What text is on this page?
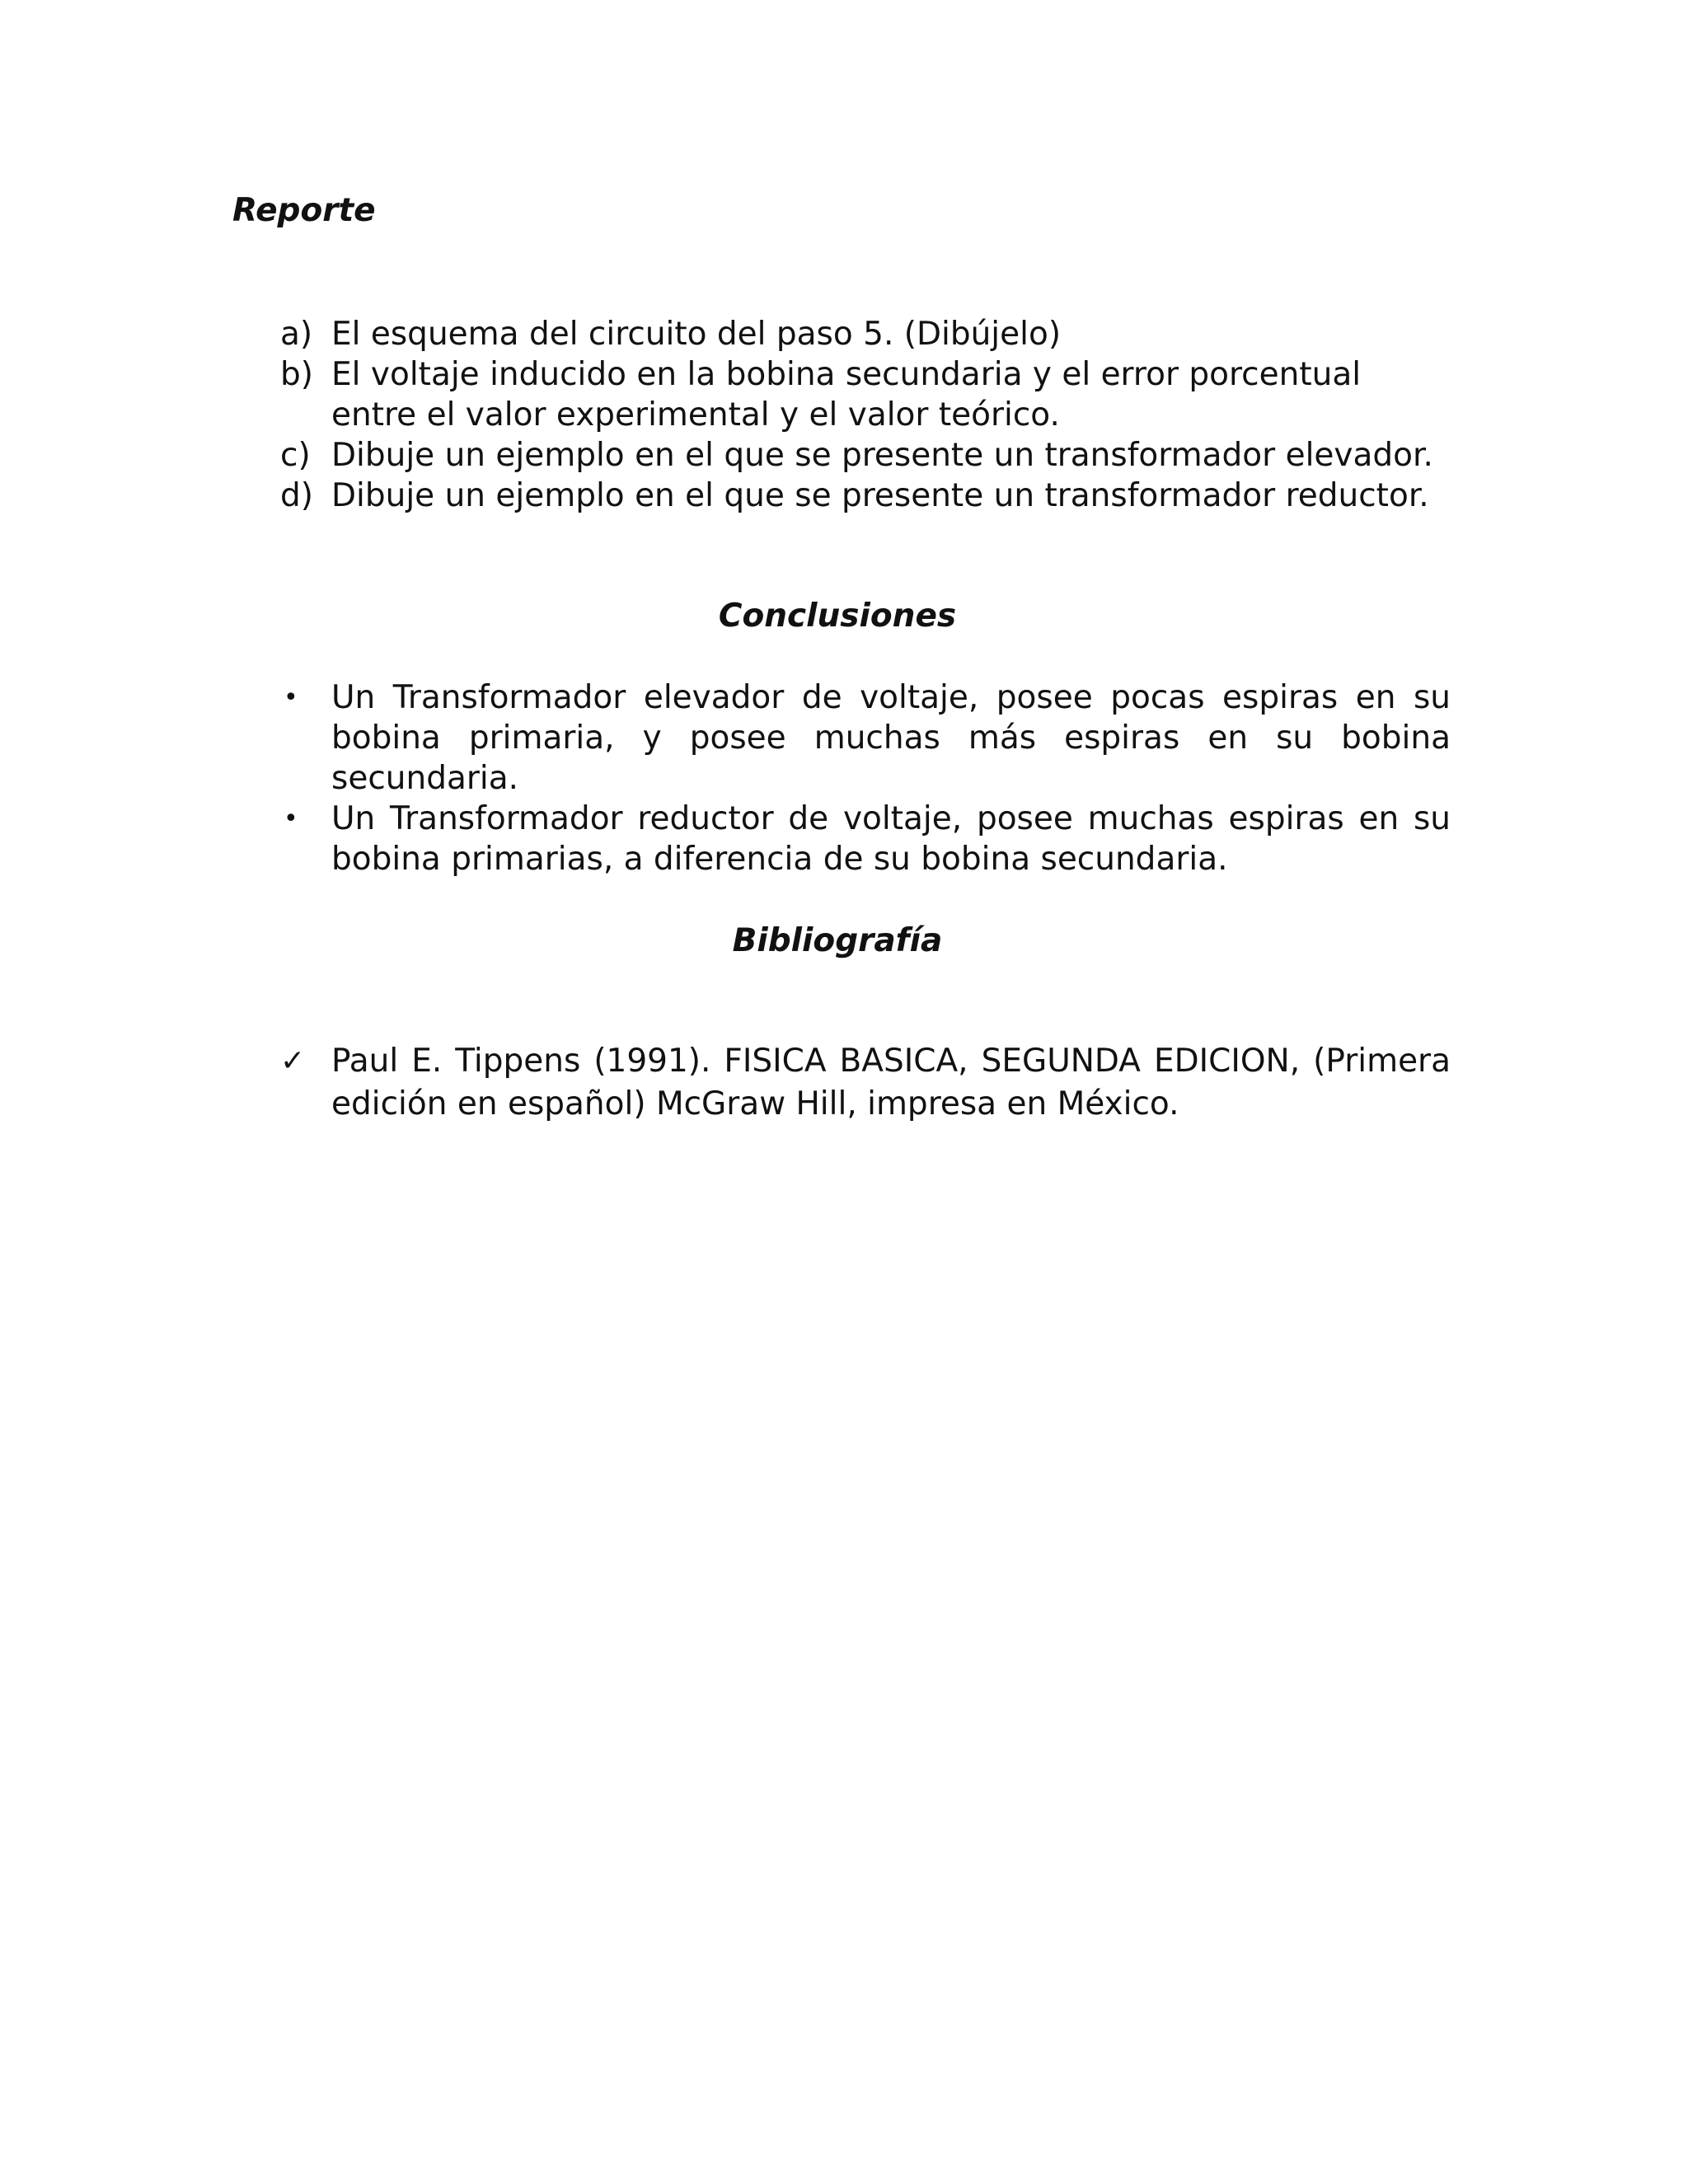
Reporte
a) El esquema del circuito del paso 5. (Dibújelo)
b) El voltaje inducido en la bobina secundaria y el error porcentual entre el valor experimental y el valor teórico.
c) Dibuje un ejemplo en el que se presente un transformador elevador.
d) Dibuje un ejemplo en el que se presente un transformador reductor.
Conclusiones
• Un Transformador elevador de voltaje, posee pocas espiras en su bobina primaria, y posee muchas más espiras en su bobina secundaria.
• Un Transformador reductor de voltaje, posee muchas espiras en su bobina primarias, a diferencia de su bobina secundaria.
Bibliografía
✓ Paul E. Tippens (1991). FISICA BASICA, SEGUNDA EDICION, (Primera edición en español) McGraw Hill, impresa en México.
